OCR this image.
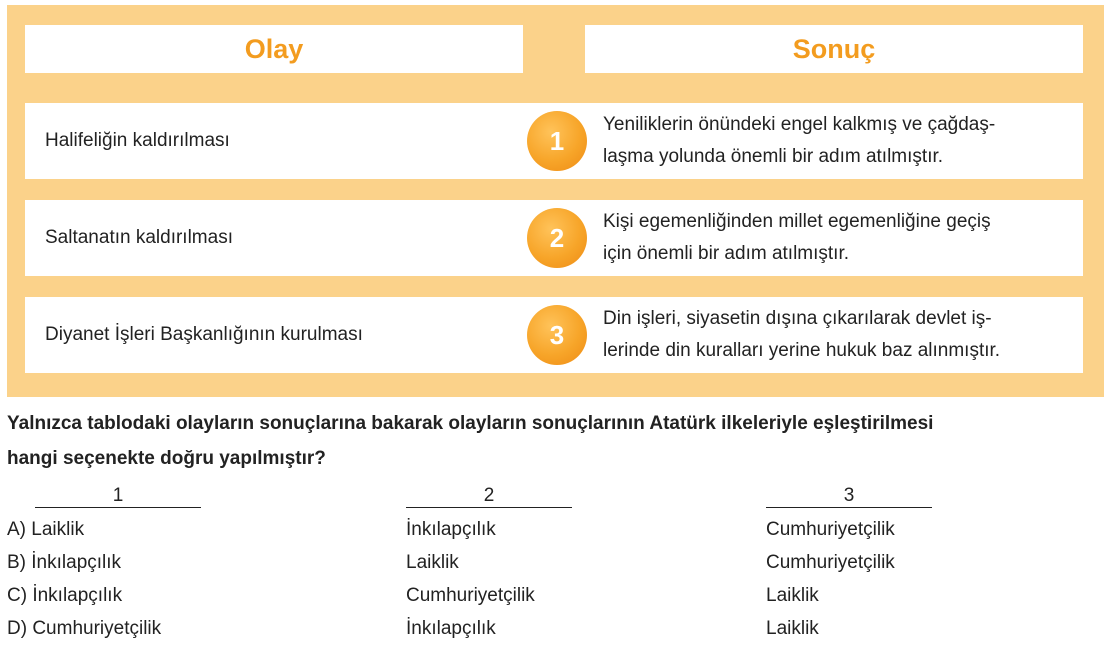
Olay	Sonuç
Halifeliğin kaldırılması	1
Yeniliklerin önündeki engel kalkmış ve çağdaş-
laşma yolunda önemli bir adım atılmıştır.
Saltanatın kaldırılması	2
Kişi egemenliğinden millet egemenliğine geçiş
için önemli bir adım atılmıştır.
Diyanet İşleri Başkanlığının kurulması	3
Din işleri, siyasetin dışına çıkarılarak devlet iş-
lerinde din kuralları yerine hukuk baz alınmıştır.
Yalnızca tablodaki olayların sonuçlarına bakarak olayların sonuçlarının Atatürk ilkeleriyle eşleştirilmesi
hangi seçenekte doğru yapılmıştır?
1	2	3
A) Laiklik	İnkılapçılık	Cumhuriyetçilik
B) İnkılapçılık	Laiklik	Cumhuriyetçilik
C) İnkılapçılık	Cumhuriyetçilik	Laiklik
D) Cumhuriyetçilik	İnkılapçılık	Laiklik
